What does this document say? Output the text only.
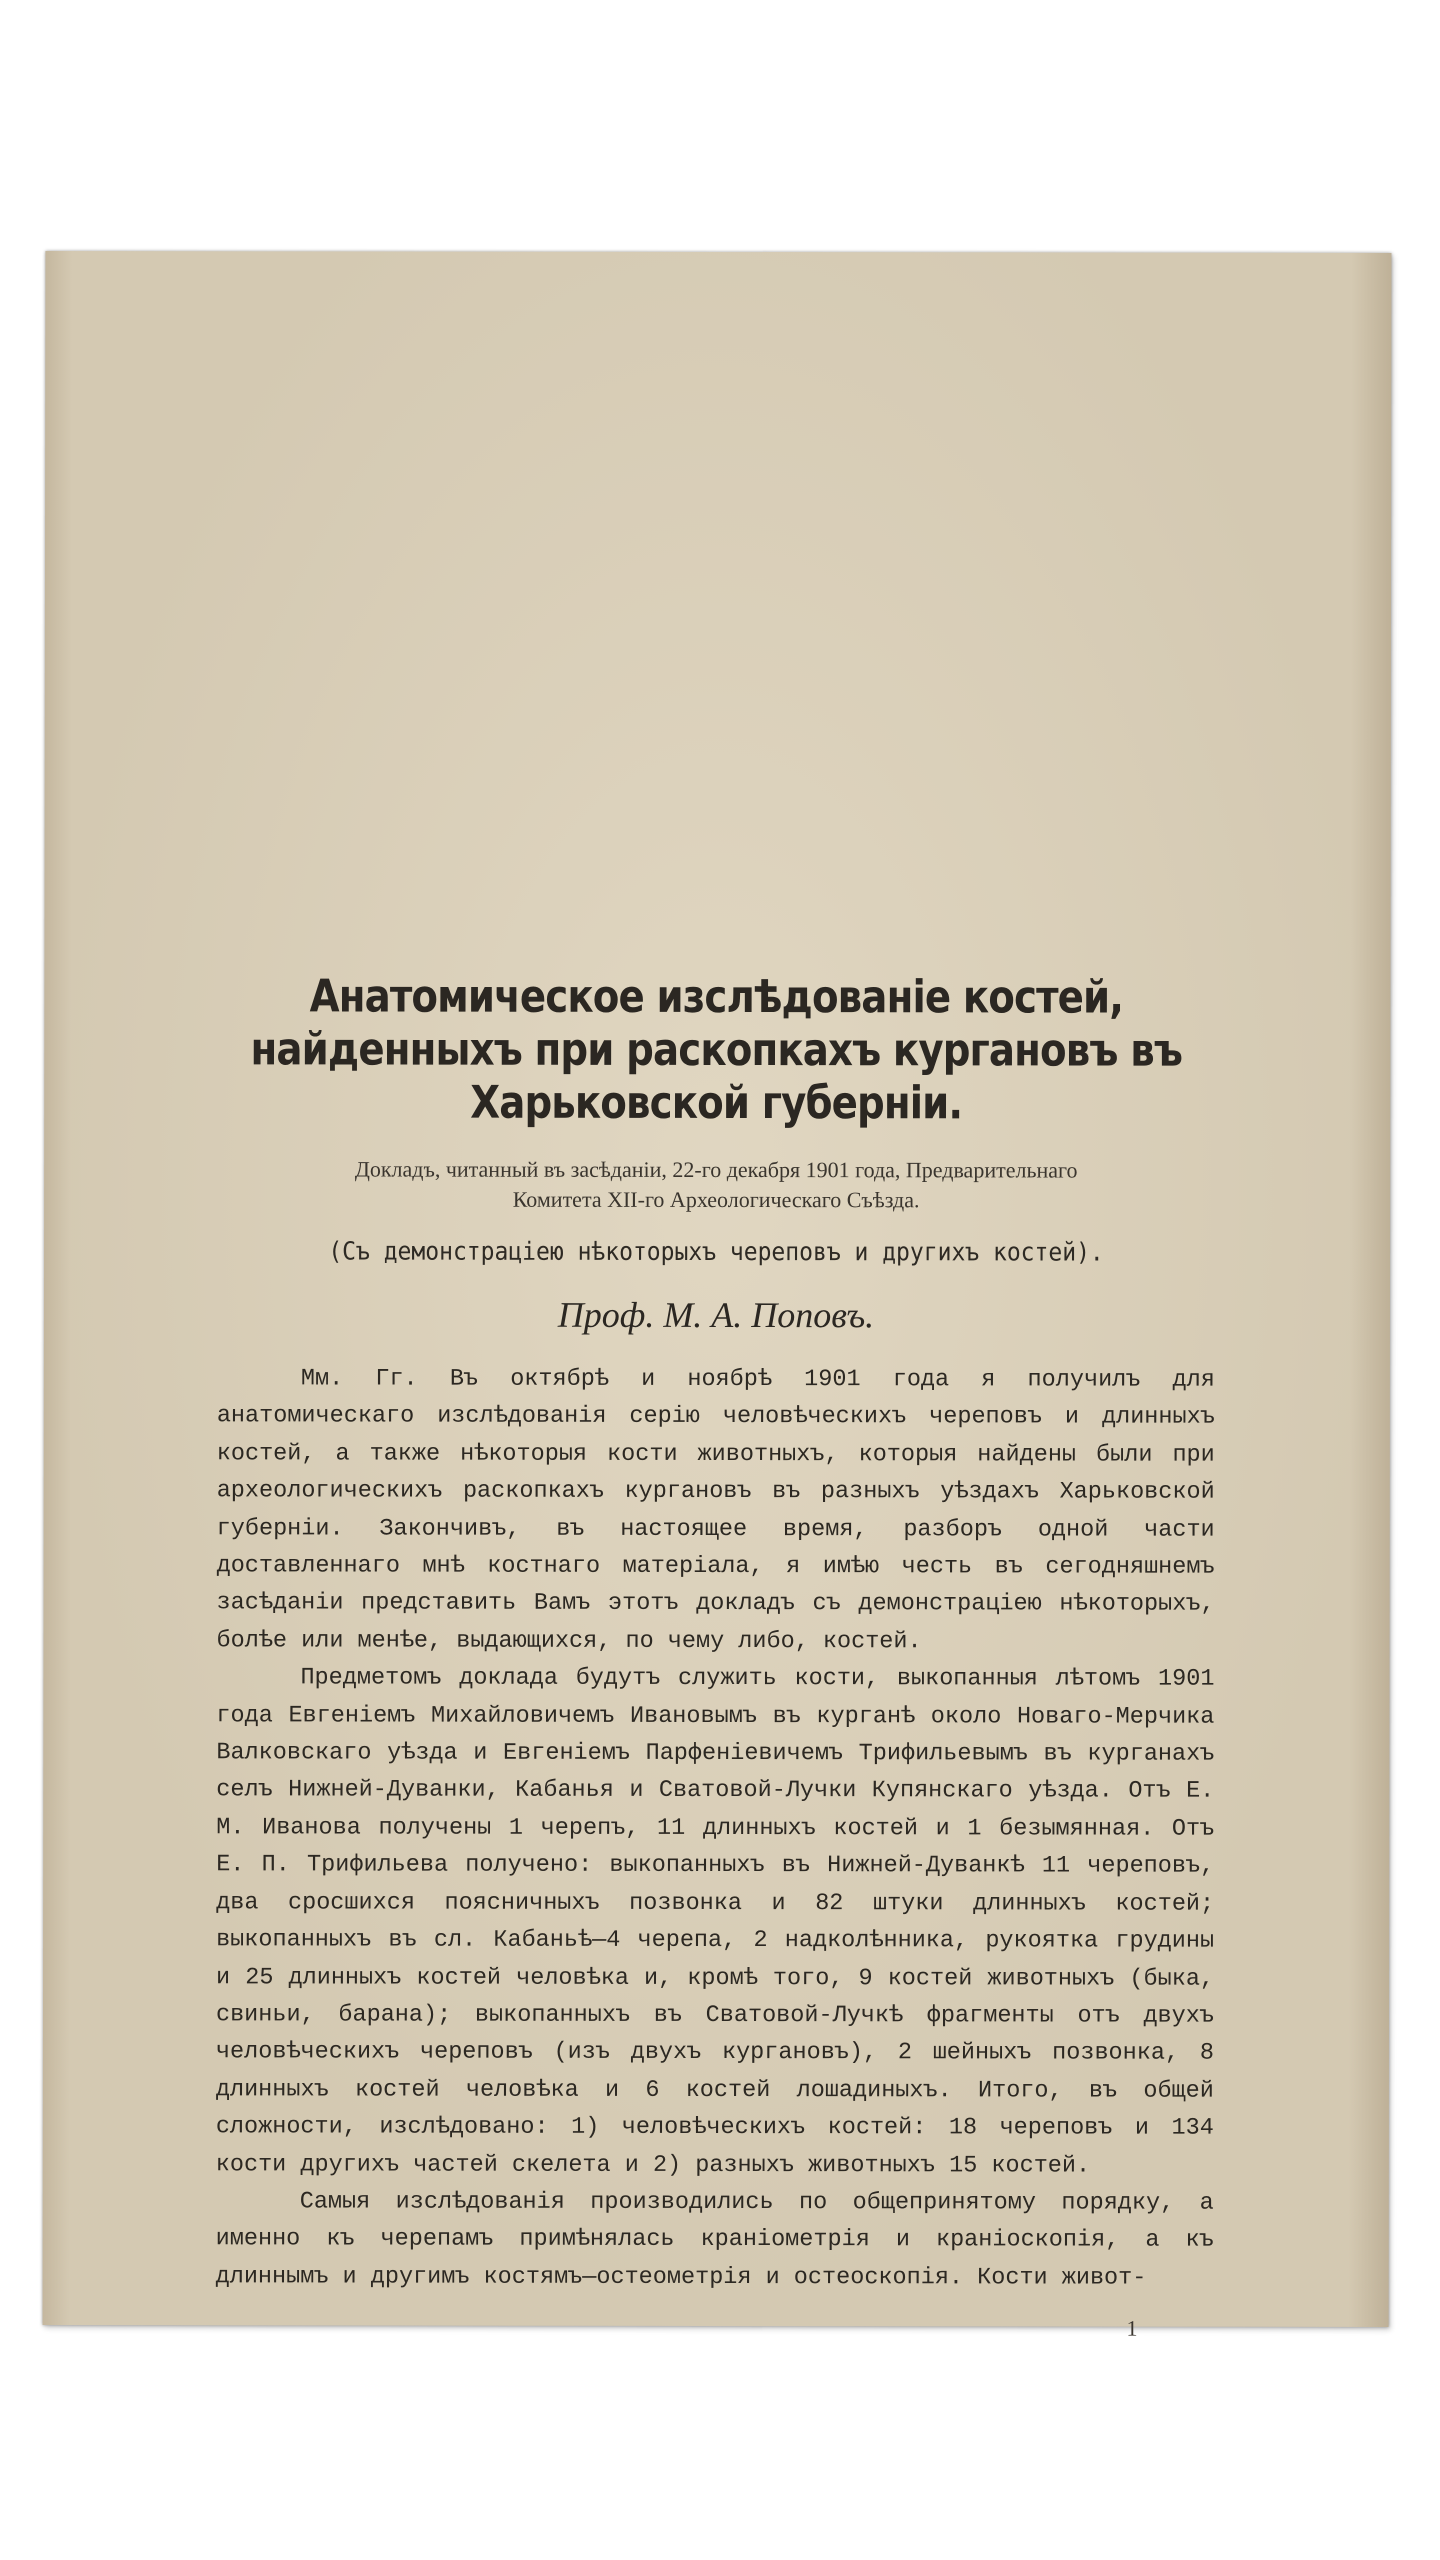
Анатомическое изслѣдованіе костей, найденныхъ при раскопкахъ кургановъ въ Харьковской губерніи.
Докладъ, читанный въ засѣданіи, 22-го декабря 1901 года, Предварительнаго
Комитета XII-го Археологическаго Съѣзда.
(Съ демонстраціею нѣкоторыхъ череповъ и другихъ костей).
Проф. М. А. Поповъ.

Мм. Гг. Въ октябрѣ и ноябрѣ 1901 года я получилъ для анатомическаго изслѣдованія серію человѣческихъ череповъ и длинныхъ костей, а также нѣкоторыя кости животныхъ, которыя найдены были при археологическихъ раскопкахъ кургановъ въ разныхъ уѣздахъ Харьковской губерніи. Закончивъ, въ настоящее время, разборъ одной части доставленнаго мнѣ костнаго матеріала, я имѣю честь въ сегодняшнемъ засѣданіи представить Вамъ этотъ докладъ съ демонстраціею нѣкоторыхъ, болѣе или менѣе, выдающихся, по чему либо, костей.

Предметомъ доклада будутъ служить кости, выкопанныя лѣтомъ 1901 года Евгеніемъ Михайловичемъ Ивановымъ въ курганѣ около Новаго-Мерчика Валковскаго уѣзда и Евгеніемъ Парфеніевичемъ Трифильевымъ въ курганахъ селъ Нижней-Дуванки, Кабанья и Сватовой-Лучки Купянскаго уѣзда. Отъ Е. М. Иванова получены 1 черепъ, 11 длинныхъ костей и 1 безымянная. Отъ Е. П. Трифильева получено: выкопанныхъ въ Нижней-Дуванкѣ 11 череповъ, два сросшихся поясничныхъ позвонка и 82 штуки длинныхъ костей; выкопанныхъ въ сл. Кабаньѣ—4 черепа, 2 надколѣнника, рукоятка грудины и 25 длинныхъ костей человѣка и, кромѣ того, 9 костей животныхъ (быка, свиньи, барана); выкопанныхъ въ Сватовой-Лучкѣ фрагменты отъ двухъ человѣческихъ череповъ (изъ двухъ кургановъ), 2 шейныхъ позвонка, 8 длинныхъ костей человѣка и 6 костей лошадиныхъ. Итого, въ общей сложности, изслѣдовано: 1) человѣческихъ костей: 18 череповъ и 134 кости другихъ частей скелета и 2) разныхъ животныхъ 15 костей.

Самыя изслѣдованія производились по общепринятому порядку, а именно къ черепамъ примѣнялась краніометрія и краніоскопія, а къ длиннымъ и другимъ костямъ—остеометрія и остеоскопія. Кости живот-

1
